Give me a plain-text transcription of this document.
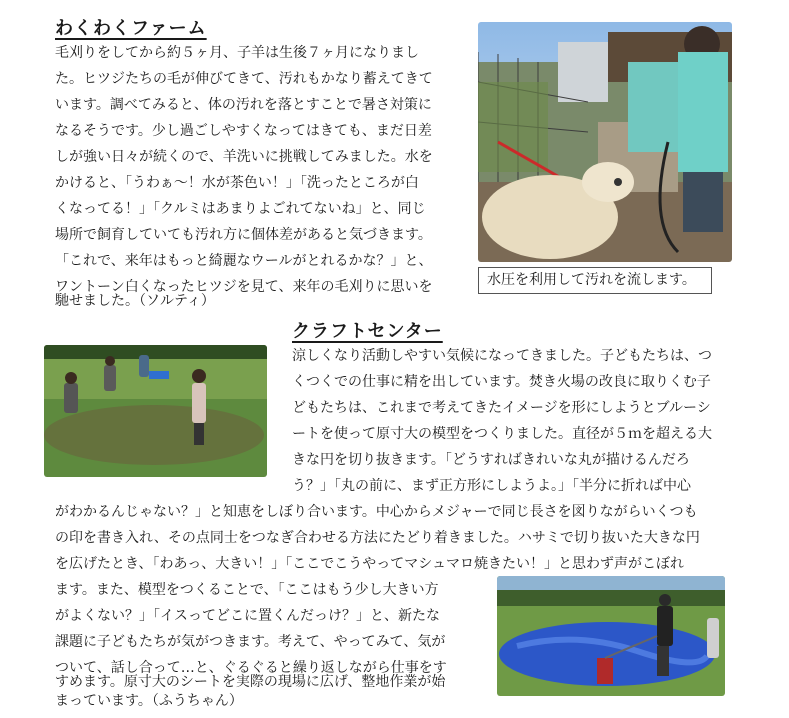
わくわくファーム

毛刈りをしてから約５ヶ月、子羊は生後７ヶ月になりまし

た。ヒツジたちの毛が伸びてきて、汚れもかなり蓄えてきて

います。調べてみると、体の汚れを落とすことで暑さ対策に

なるそうです。少し過ごしやすくなってはきても、まだ日差

しが強い日々が続くので、羊洗いに挑戦してみました。水を

かけると、「うわぁ〜！水が茶色い！」「洗ったところが白

くなってる！」「クルミはあまりよごれてないね」と、同じ

場所で飼育していても汚れ方に個体差があると気づきます。

「これで、来年はもっと綺麗なウールがとれるかな？」と、

ワントーン白くなったヒツジを見て、来年の毛刈りに思いを

馳せました。（ソルティ）

水圧を利用して汚れを流します。
クラフトセンター

涼しくなり活動しやすい気候になってきました。子どもたちは、つ

くつくでの仕事に精を出しています。焚き火場の改良に取りくむ子

どもたちは、これまで考えてきたイメージを形にしようとブルーシ

ートを使って原寸大の模型をつくりました。直径が５ｍを超える大

きな円を切り抜きます。「どうすればきれいな丸が描けるんだろ

う？」「丸の前に、まず正方形にしようよ。」「半分に折れば中心

がわかるんじゃない？」と知恵をしぼり合います。中心からメジャーで同じ長さを図りながらいくつも

の印を書き入れ、その点同士をつなぎ合わせる方法にたどり着きました。ハサミで切り抜いた大きな円

を広げたとき、「わあっ、大きい！」「ここでこうやってマシュマロ焼きたい！」と思わず声がこぼれ

ます。また、模型をつくることで、「ここはもう少し大きい方

がよくない？」「イスってどこに置くんだっけ？」と、新たな

課題に子どもたちが気がつきます。考えて、やってみて、気が

ついて、話し合って…と、ぐるぐると繰り返しながら仕事をす

すめます。原寸大のシートを実際の現場に広げ、整地作業が始

まっています。（ふうちゃん）
